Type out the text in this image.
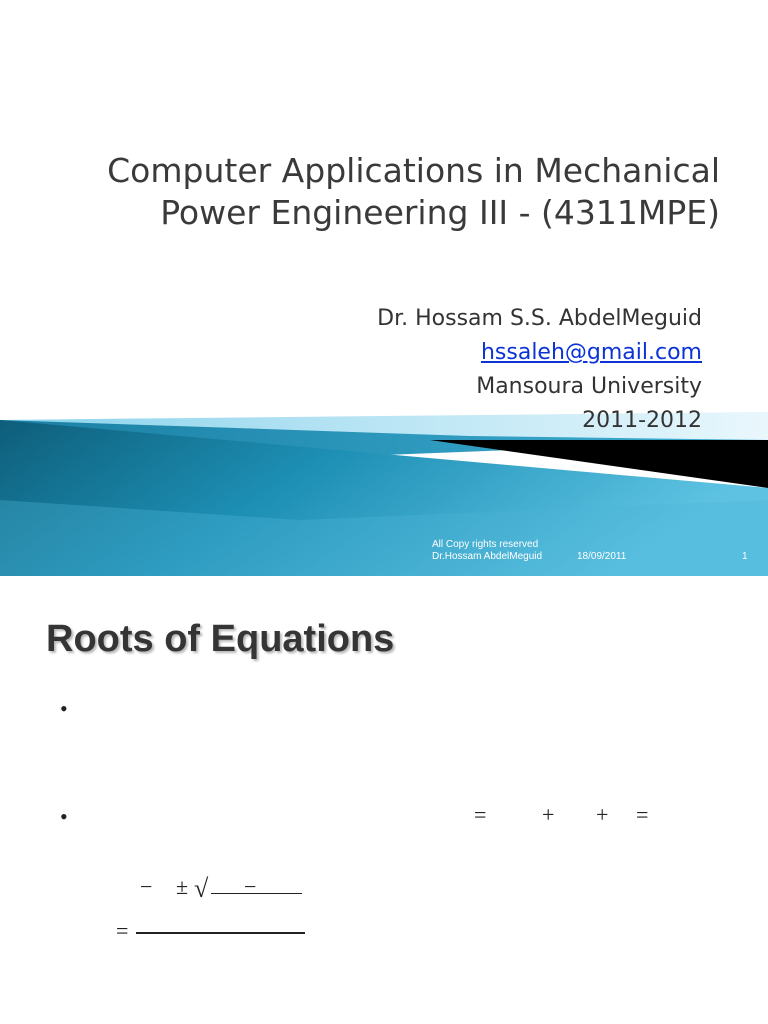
Computer Applications in Mechanical
Power Engineering III - (4311MPE)
Dr. Hossam S.S. AbdelMeguid
hssaleh@gmail.com
Mansoura University
2011-2012
All Copy rights reserved
Dr.Hossam AbdelMeguid	18/09/2011	1
Roots of Equations
•
•	=	+ + =
=
− ± √ −
